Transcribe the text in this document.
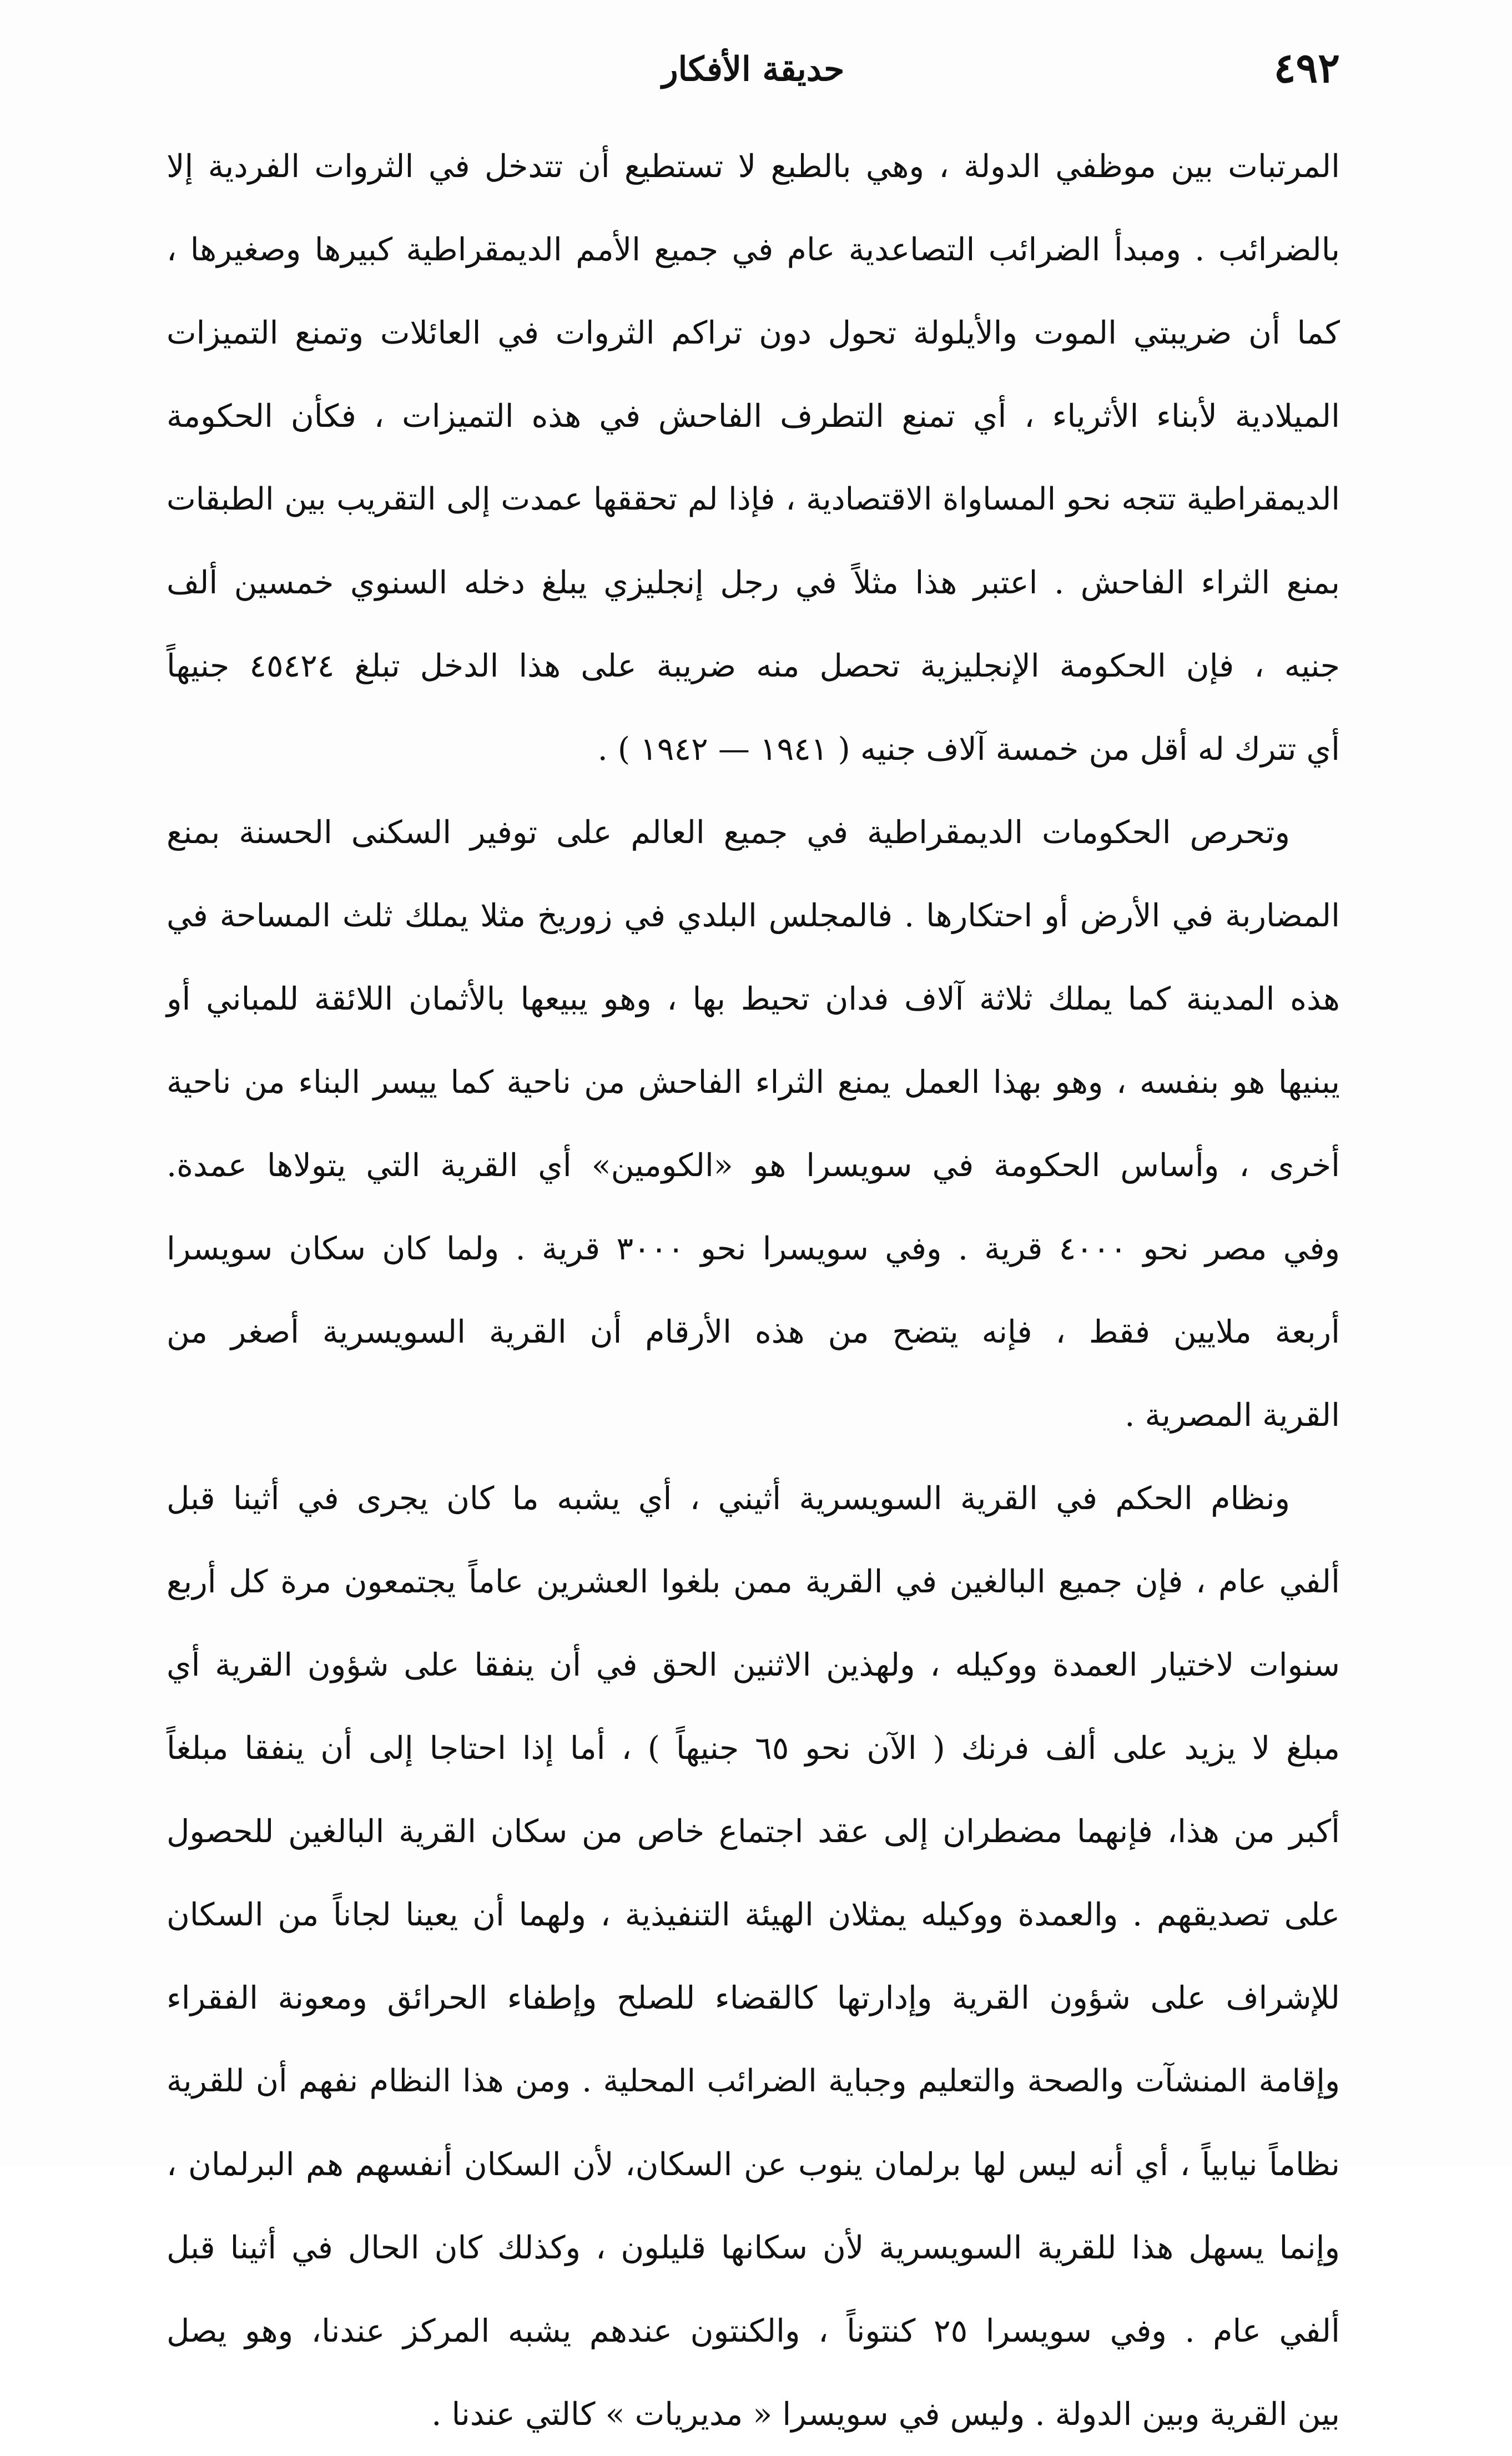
٤٩٢
حديقة الأفكار

المرتبات بين موظفي الدولة ، وهي بالطبع لا تستطيع أن تتدخل في الثروات الفردية إلا
بالضرائب . ومبدأ الضرائب التصاعدية عام في جميع الأمم الديمقراطية كبيرها وصغيرها ،
كما أن ضريبتي الموت والأيلولة تحول دون تراكم الثروات في العائلات وتمنع التميزات
الميلادية لأبناء الأثرياء ، أي تمنع التطرف الفاحش في هذه التميزات ، فكأن الحكومة
الديمقراطية تتجه نحو المساواة الاقتصادية ، فإذا لم تحققها عمدت إلى التقريب بين الطبقات
بمنع الثراء الفاحش . اعتبر هذا مثلاً في رجل إنجليزي يبلغ دخله السنوي خمسين ألف
جنيه ، فإن الحكومة الإنجليزية تحصل منه ضريبة على هذا الدخل تبلغ ٤٥٤٢٤ جنيهاً
أي تترك له أقل من خمسة آلاف جنيه ( ١٩٤١ — ١٩٤٢ ) .

وتحرص الحكومات الديمقراطية في جميع العالم على توفير السكنى الحسنة بمنع
المضاربة في الأرض أو احتكارها . فالمجلس البلدي في زوريخ مثلا يملك ثلث المساحة في
هذه المدينة كما يملك ثلاثة آلاف فدان تحيط بها ، وهو يبيعها بالأثمان اللائقة للمباني أو
يبنيها هو بنفسه ، وهو بهذا العمل يمنع الثراء الفاحش من ناحية كما ييسر البناء من ناحية
أخرى ، وأساس الحكومة في سويسرا هو «الكومين» أي القرية التي يتولاها عمدة.
وفي مصر نحو ٤٠٠٠ قرية . وفي سويسرا نحو ٣٠٠٠ قرية . ولما كان سكان سويسرا
أربعة ملايين فقط ، فإنه يتضح من هذه الأرقام أن القرية السويسرية أصغر من
القرية المصرية .

ونظام الحكم في القرية السويسرية أثيني ، أي يشبه ما كان يجرى في أثينا قبل
ألفي عام ، فإن جميع البالغين في القرية ممن بلغوا العشرين عاماً يجتمعون مرة كل أربع
سنوات لاختيار العمدة ووكيله ، ولهذين الاثنين الحق في أن ينفقا على شؤون القرية أي
مبلغ لا يزيد على ألف فرنك ( الآن نحو ٦٥ جنيهاً ) ، أما إذا احتاجا إلى أن ينفقا مبلغاً
أكبر من هذا، فإنهما مضطران إلى عقد اجتماع خاص من سكان القرية البالغين للحصول
على تصديقهم . والعمدة ووكيله يمثلان الهيئة التنفيذية ، ولهما أن يعينا لجاناً من السكان
للإشراف على شؤون القرية وإدارتها كالقضاء للصلح وإطفاء الحرائق ومعونة الفقراء
وإقامة المنشآت والصحة والتعليم وجباية الضرائب المحلية . ومن هذا النظام نفهم أن للقرية
نظاماً نيابياً ، أي أنه ليس لها برلمان ينوب عن السكان، لأن السكان أنفسهم هم البرلمان ،
وإنما يسهل هذا للقرية السويسرية لأن سكانها قليلون ، وكذلك كان الحال في أثينا قبل
ألفي عام . وفي سويسرا ٢٥ كنتوناً ، والكنتون عندهم يشبه المركز عندنا، وهو يصل
بين القرية وبين الدولة . وليس في سويسرا « مديريات » كالتي عندنا .
